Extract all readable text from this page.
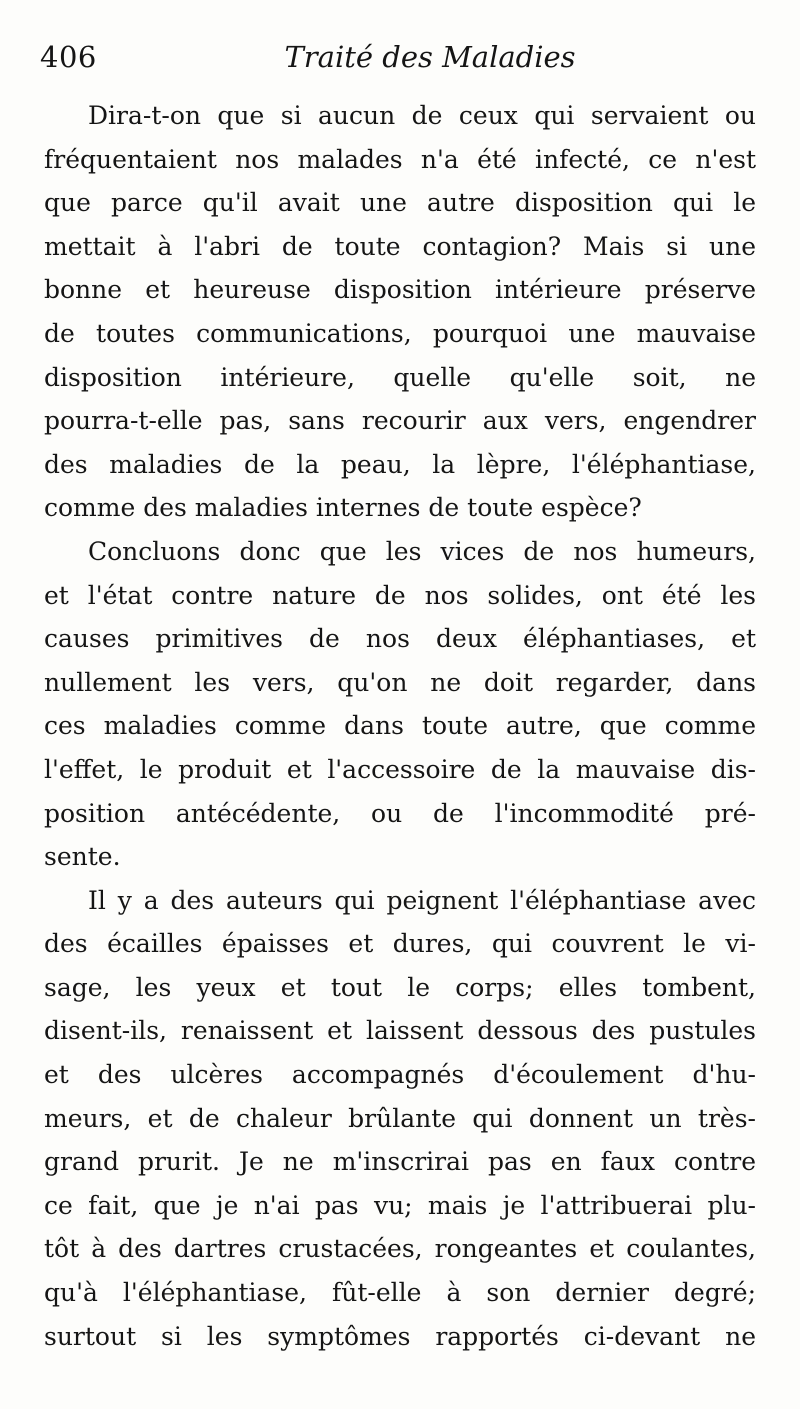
406	Traité des Maladies
Dira-t-on que si aucun de ceux qui servaient ou
fréquentaient nos malades n'a été infecté, ce n'est
que parce qu'il avait une autre disposition qui le
mettait à l'abri de toute contagion? Mais si une
bonne et heureuse disposition intérieure préserve
de toutes communications, pourquoi une mauvaise
disposition intérieure, quelle qu'elle soit, ne
pourra-t-elle pas, sans recourir aux vers, engendrer
des maladies de la peau, la lèpre, l'éléphantiase,
comme des maladies internes de toute espèce?
Concluons donc que les vices de nos humeurs,
et l'état contre nature de nos solides, ont été les
causes primitives de nos deux éléphantiases, et
nullement les vers, qu'on ne doit regarder, dans
ces maladies comme dans toute autre, que comme
l'effet, le produit et l'accessoire de la mauvaise dis-
position antécédente, ou de l'incommodité pré-
sente.
Il y a des auteurs qui peignent l'éléphantiase avec
des écailles épaisses et dures, qui couvrent le vi-
sage, les yeux et tout le corps; elles tombent,
disent-ils, renaissent et laissent dessous des pustules
et des ulcères accompagnés d'écoulement d'hu-
meurs, et de chaleur brûlante qui donnent un très-
grand prurit. Je ne m'inscrirai pas en faux contre
ce fait, que je n'ai pas vu; mais je l'attribuerai plu-
tôt à des dartres crustacées, rongeantes et coulantes,
qu'à l'éléphantiase, fût-elle à son dernier degré;
surtout si les symptômes rapportés ci-devant ne
